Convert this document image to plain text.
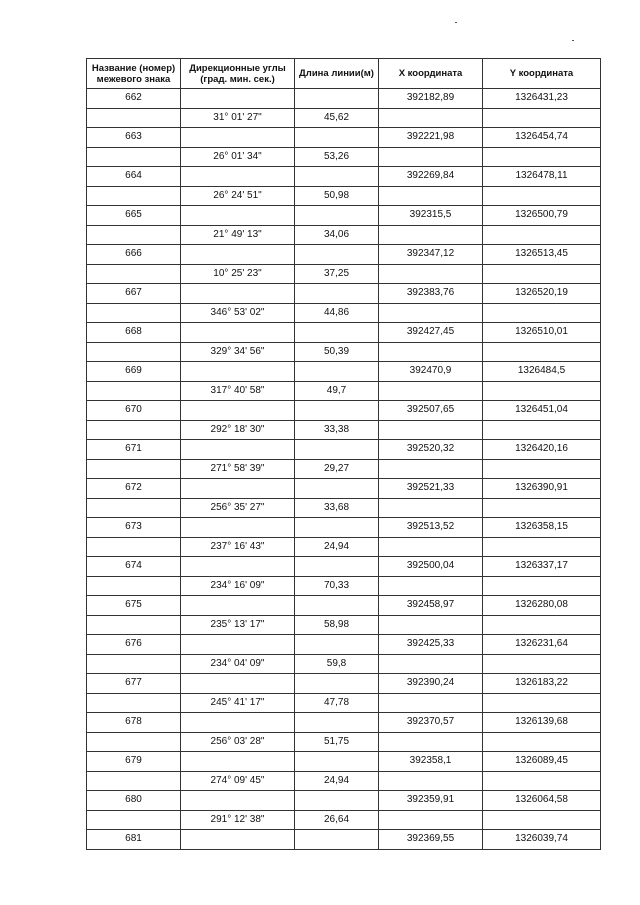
Название (номер) межевого знака	Дирекционные углы (град. мин. сек.)	Длина линии(м)	X координата	Y координата
662			392182,89	1326431,23
	31° 01' 27"	45,62		
663			392221,98	1326454,74
	26° 01' 34"	53,26		
664			392269,84	1326478,11
	26° 24' 51"	50,98		
665			392315,5	1326500,79
	21° 49' 13"	34,06		
666			392347,12	1326513,45
	10° 25' 23"	37,25		
667			392383,76	1326520,19
	346° 53' 02"	44,86		
668			392427,45	1326510,01
	329° 34' 56"	50,39		
669			392470,9	1326484,5
	317° 40' 58"	49,7		
670			392507,65	1326451,04
	292° 18' 30"	33,38		
671			392520,32	1326420,16
	271° 58' 39"	29,27		
672			392521,33	1326390,91
	256° 35' 27"	33,68		
673			392513,52	1326358,15
	237° 16' 43"	24,94		
674			392500,04	1326337,17
	234° 16' 09"	70,33		
675			392458,97	1326280,08
	235° 13' 17"	58,98		
676			392425,33	1326231,64
	234° 04' 09"	59,8		
677			392390,24	1326183,22
	245° 41' 17"	47,78		
678			392370,57	1326139,68
	256° 03' 28"	51,75		
679			392358,1	1326089,45
	274° 09' 45"	24,94		
680			392359,91	1326064,58
	291° 12' 38"	26,64		
681			392369,55	1326039,74
